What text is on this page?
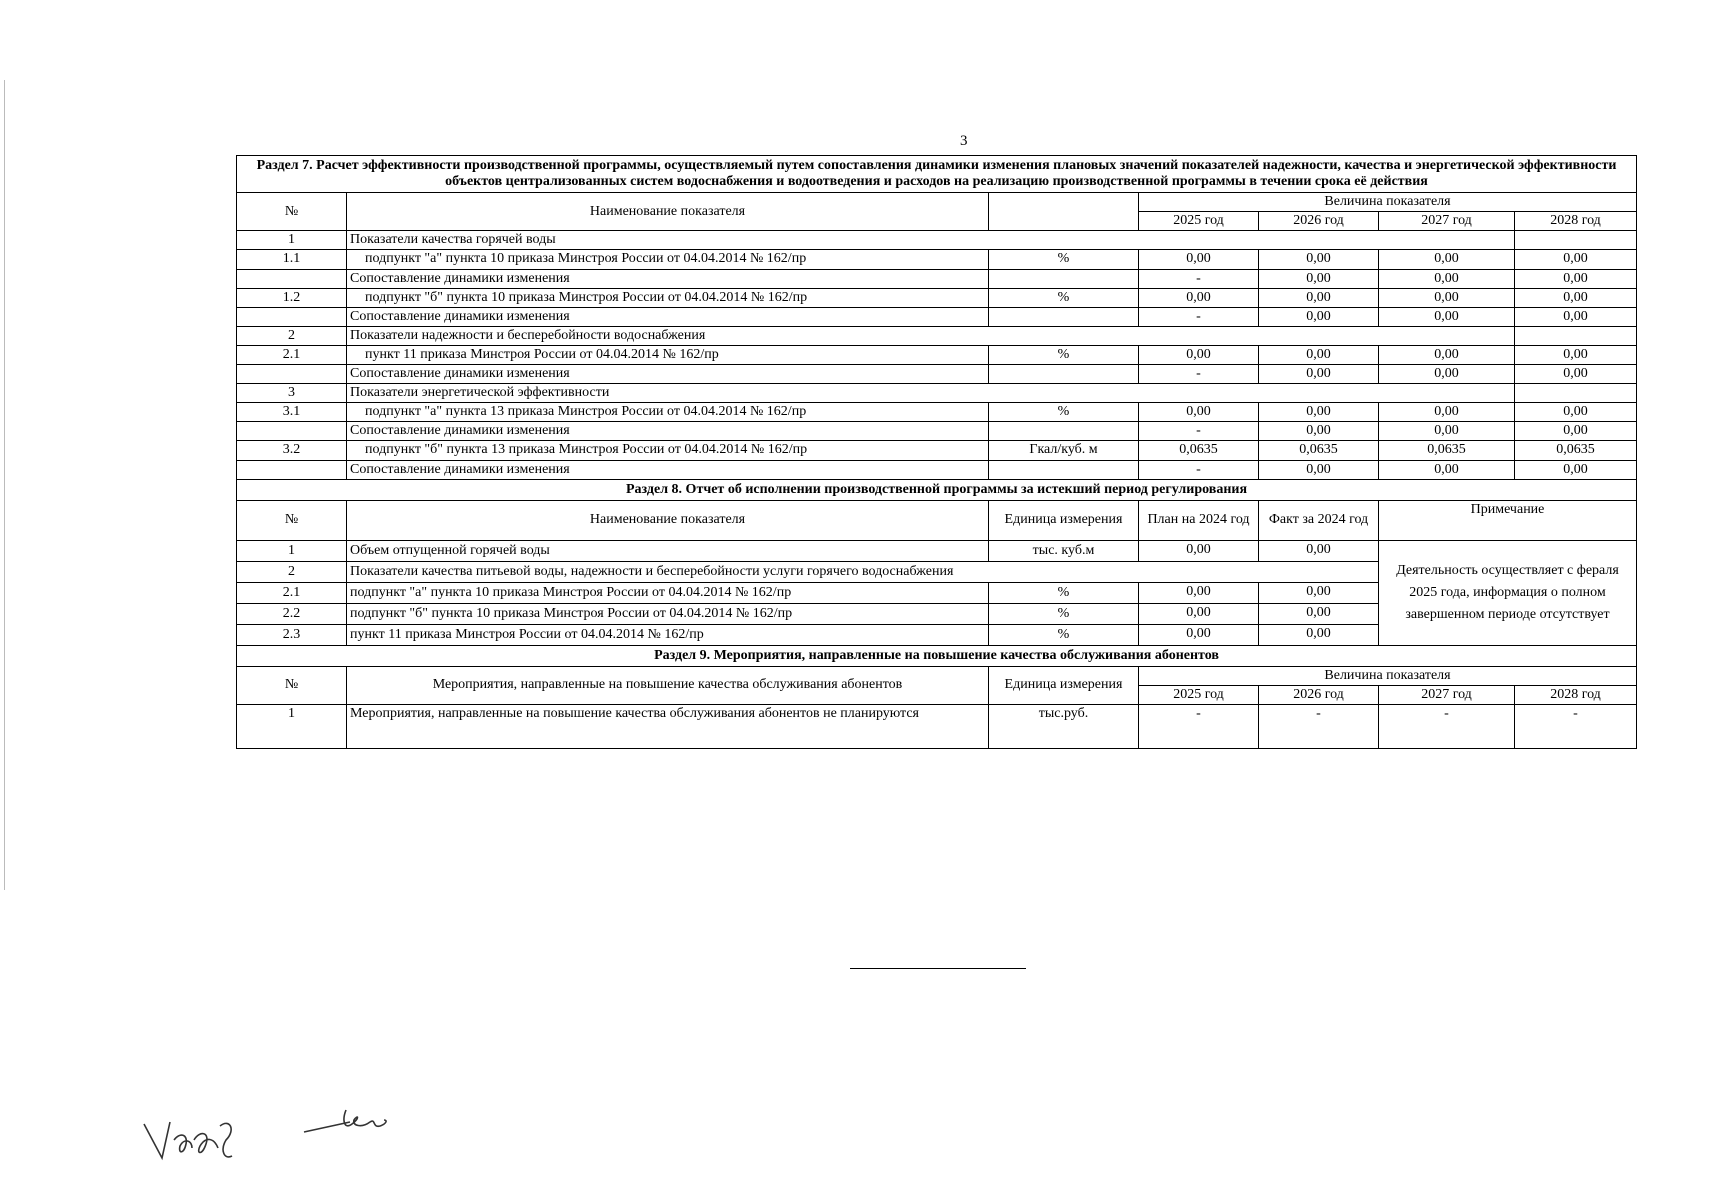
3
Раздел 7. Расчет эффективности производственной программы, осуществляемый путем сопоставления динамики изменения плановых значений показателей надежности, качества и энергетической эффективности объектов централизованных систем водоснабжения и водоотведения и расходов на реализацию производственной программы в течении срока её действия						
№	Наименование показателя		Величина показателя			
			2025 год	2026 год	2027 год	2028 год
1	Показатели качества горячей воды					
1.1	подпункт "а" пункта 10 приказа Минстроя России от 04.04.2014 № 162/пр	%	0,00	0,00	0,00	0,00
	Сопоставление динамики изменения		-	0,00	0,00	0,00
1.2	подпункт "б" пункта 10 приказа Минстроя России от 04.04.2014 № 162/пр	%	0,00	0,00	0,00	0,00
	Сопоставление динамики изменения		-	0,00	0,00	0,00
2	Показатели надежности и бесперебойности водоснабжения					
2.1	пункт 11 приказа Минстроя России от 04.04.2014 № 162/пр	%	0,00	0,00	0,00	0,00
	Сопоставление динамики изменения		-	0,00	0,00	0,00
3	Показатели энергетической эффективности					
3.1	подпункт "а" пункта 13 приказа Минстроя России от 04.04.2014 № 162/пр	%	0,00	0,00	0,00	0,00
	Сопоставление динамики изменения		-	0,00	0,00	0,00
3.2	подпункт "б" пункта 13 приказа Минстроя России от 04.04.2014 № 162/пр	Гкал/куб. м	0,0635	0,0635	0,0635	0,0635
	Сопоставление динамики изменения		-	0,00	0,00	0,00
Раздел 8. Отчет об исполнении производственной программы за истекший период регулирования						
№	Наименование показателя	Единица измерения	План на 2024 год	Факт за 2024 год	Примечание	
1	Объем отпущенной горячей воды	тыс. куб.м	0,00	0,00	Деятельность осуществляет с фераля 2025 года, информация о полном завершенном периоде отсутствует	
2	Показатели качества питьевой воды, надежности и бесперебойности услуги горячего водоснабжения					
2.1	подпункт "а" пункта 10 приказа Минстроя России от 04.04.2014 № 162/пр	%	0,00	0,00		
2.2	подпункт "б" пункта 10 приказа Минстроя России от 04.04.2014 № 162/пр	%	0,00	0,00		
2.3	пункт 11 приказа Минстроя России от 04.04.2014 № 162/пр	%	0,00	0,00		
Раздел 9. Мероприятия, направленные на повышение качества обслуживания абонентов						
№	Мероприятия, направленные на повышение качества обслуживания абонентов	Единица измерения	Величина показателя			
			2025 год	2026 год	2027 год	2028 год
1	Мероприятия, направленные на повышение качества обслуживания абонентов не планируются	тыс.руб.	-	-	-	-
